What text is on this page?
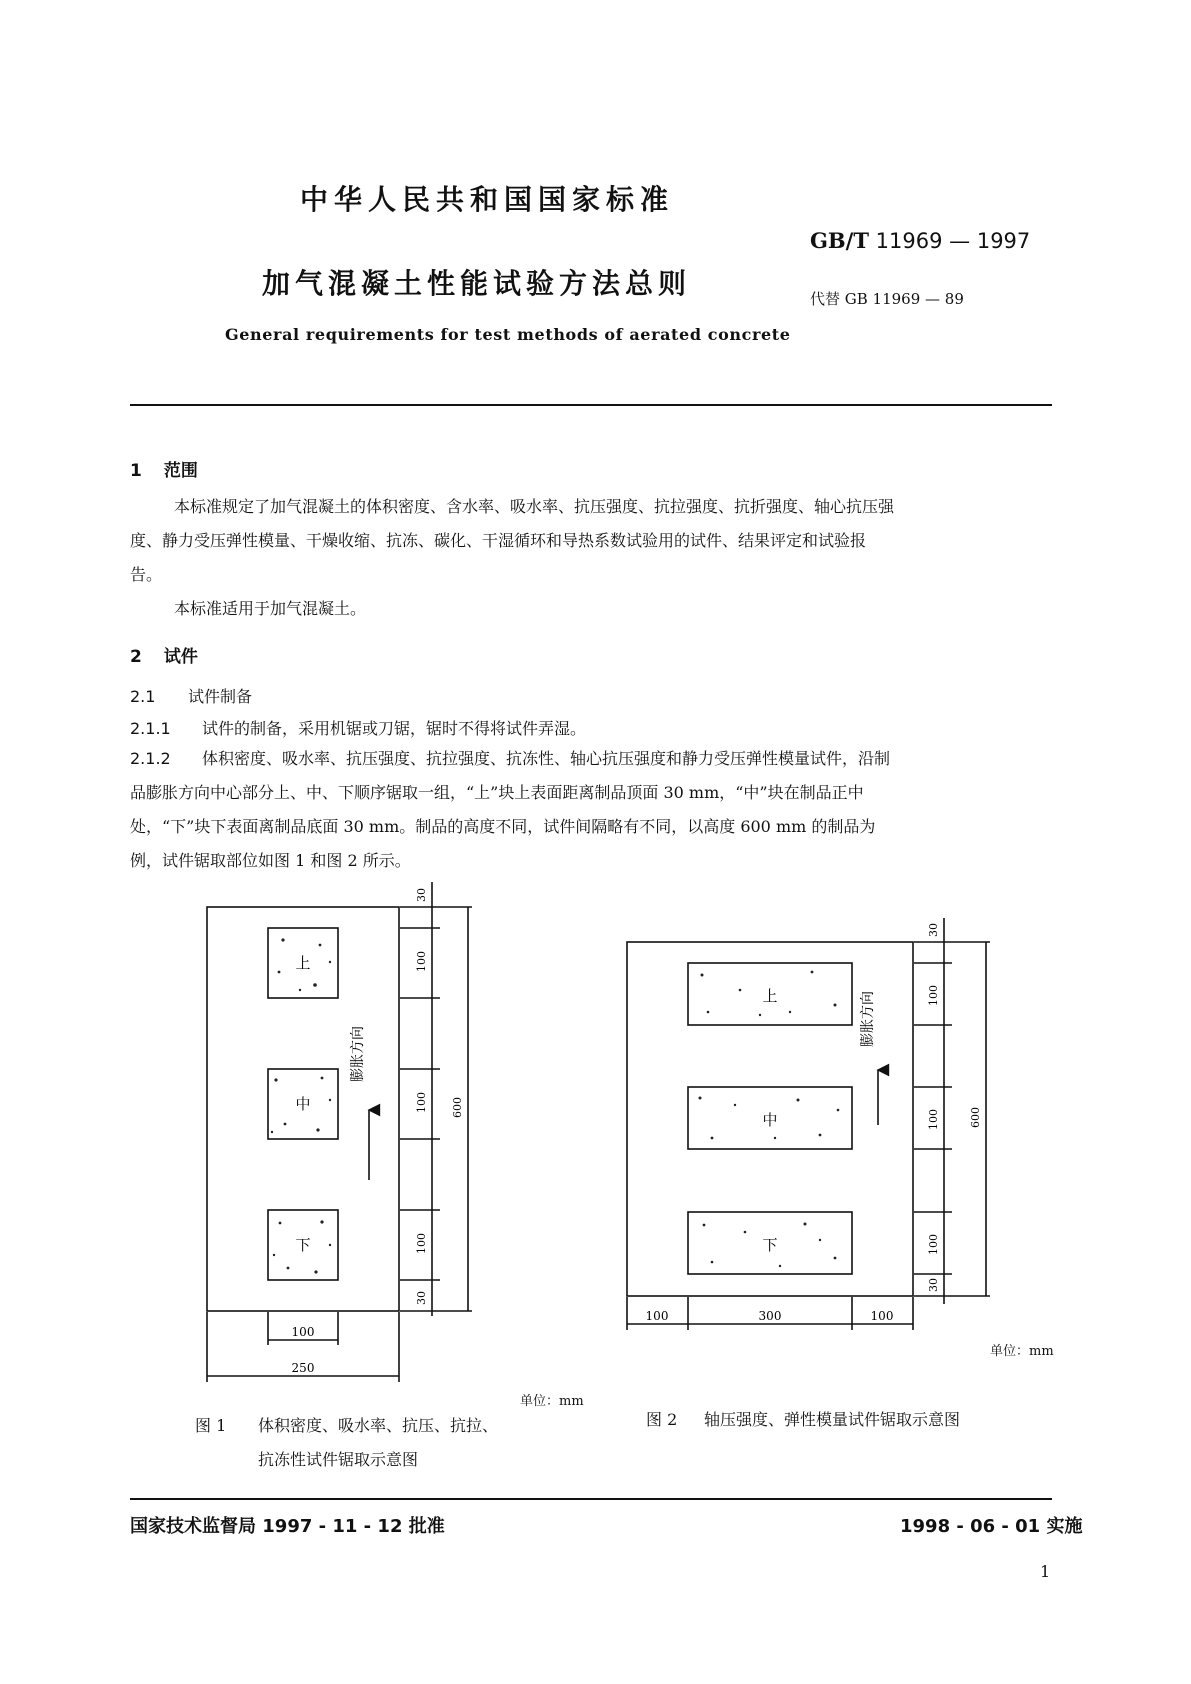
中华人民共和国国家标准
GB/T 11969 — 1997
加气混凝土性能试验方法总则	代替 GB 11969 — 89
General requirements for test methods of aerated concrete
1 范围
本标准规定了加气混凝土的体积密度、含水率、吸水率、抗压强度、抗拉强度、抗折强度、轴心抗压强
度、静力受压弹性模量、干燥收缩、抗冻、碳化、干湿循环和导热系数试验用的试件、结果评定和试验报
告。
本标准适用于加气混凝土。
2 试件
2.1 试件制备
2.1.1 试件的制备，采用机锯或刀锯，锯时不得将试件弄湿。
2.1.2 体积密度、吸水率、抗压强度、抗拉强度、抗冻性、轴心抗压强度和静力受压弹性模量试件，沿制
品膨胀方向中心部分上、中、下顺序锯取一组，“上”块上表面距离制品顶面 30 mm，“中”块在制品正中
处，“下”块下表面离制品底面 30 mm。制品的高度不同，试件间隔略有不同，以高度 600 mm 的制品为
例，试件锯取部位如图 1 和图 2 所示。
上
中
下
膨胀方向
30
100
100
100
600
30
100
250
上
中
下
膨胀方向
30
100
100
100
600
30
100	300	100
单位：mm
单位：mm
图 1 体积密度、吸水率、抗压、抗拉、
抗冻性试件锯取示意图
图 2 轴压强度、弹性模量试件锯取示意图
国家技术监督局 1997 - 11 - 12 批准	1998 - 06 - 01 实施
1
